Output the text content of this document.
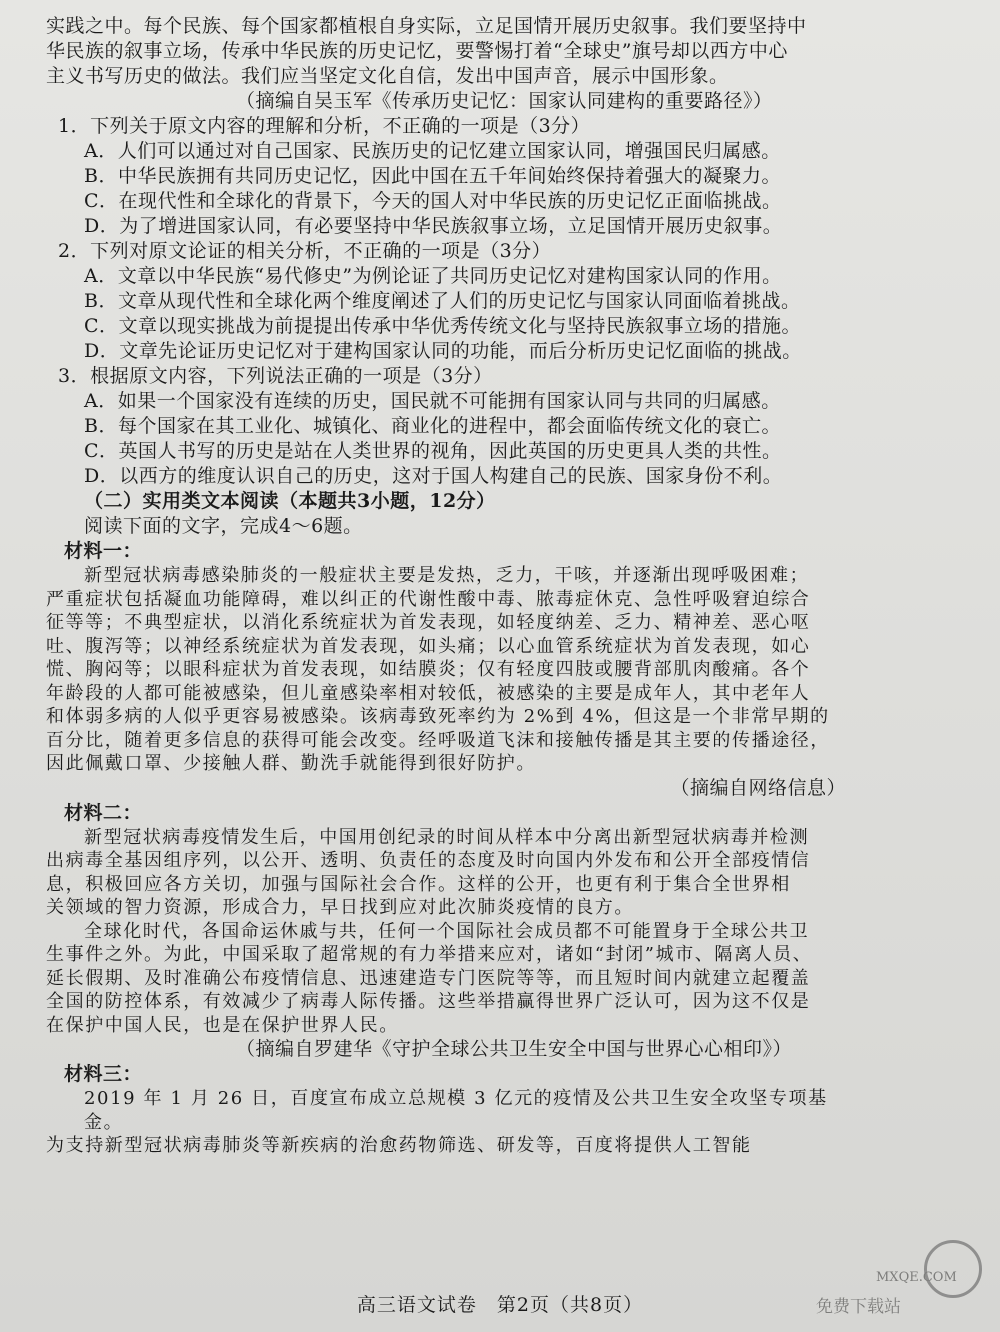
实践之中。每个民族、每个国家都植根自身实际，立足国情开展历史叙事。我们要坚持中

华民族的叙事立场，传承中华民族的历史记忆，要警惕打着“全球史”旗号却以西方中心

主义书写历史的做法。我们应当坚定文化自信，发出中国声音，展示中国形象。

（摘编自吴玉军《传承历史记忆：国家认同建构的重要路径》）

1．下列关于原文内容的理解和分析，不正确的一项是（3分）

A．人们可以通过对自己国家、民族历史的记忆建立国家认同，增强国民归属感。

B．中华民族拥有共同历史记忆，因此中国在五千年间始终保持着强大的凝聚力。

C．在现代性和全球化的背景下，今天的国人对中华民族的历史记忆正面临挑战。

D．为了增进国家认同，有必要坚持中华民族叙事立场，立足国情开展历史叙事。

2．下列对原文论证的相关分析，不正确的一项是（3分）

A．文章以中华民族“易代修史”为例论证了共同历史记忆对建构国家认同的作用。

B．文章从现代性和全球化两个维度阐述了人们的历史记忆与国家认同面临着挑战。

C．文章以现实挑战为前提提出传承中华优秀传统文化与坚持民族叙事立场的措施。

D．文章先论证历史记忆对于建构国家认同的功能，而后分析历史记忆面临的挑战。

3．根据原文内容，下列说法正确的一项是（3分）

A．如果一个国家没有连续的历史，国民就不可能拥有国家认同与共同的归属感。

B．每个国家在其工业化、城镇化、商业化的进程中，都会面临传统文化的衰亡。

C．英国人书写的历史是站在人类世界的视角，因此英国的历史更具人类的共性。

D．以西方的维度认识自己的历史，这对于国人构建自己的民族、国家身份不利。

（二）实用类文本阅读（本题共3小题，12分）

阅读下面的文字，完成4～6题。

材料一：

新型冠状病毒感染肺炎的一般症状主要是发热，乏力，干咳，并逐渐出现呼吸困难；

严重症状包括凝血功能障碍，难以纠正的代谢性酸中毒、脓毒症休克、急性呼吸窘迫综合

征等等；不典型症状，以消化系统症状为首发表现，如轻度纳差、乏力、精神差、恶心呕

吐、腹泻等；以神经系统症状为首发表现，如头痛；以心血管系统症状为首发表现，如心

慌、胸闷等；以眼科症状为首发表现，如结膜炎；仅有轻度四肢或腰背部肌肉酸痛。各个

年龄段的人都可能被感染，但儿童感染率相对较低，被感染的主要是成年人，其中老年人

和体弱多病的人似乎更容易被感染。该病毒致死率约为 2%到 4%，但这是一个非常早期的

百分比，随着更多信息的获得可能会改变。经呼吸道飞沫和接触传播是其主要的传播途径，

因此佩戴口罩、少接触人群、勤洗手就能得到很好防护。

（摘编自网络信息）

材料二：

新型冠状病毒疫情发生后，中国用创纪录的时间从样本中分离出新型冠状病毒并检测

出病毒全基因组序列，以公开、透明、负责任的态度及时向国内外发布和公开全部疫情信

息，积极回应各方关切，加强与国际社会合作。这样的公开，也更有利于集合全世界相

关领域的智力资源，形成合力，早日找到应对此次肺炎疫情的良方。

全球化时代，各国命运休戚与共，任何一个国际社会成员都不可能置身于全球公共卫

生事件之外。为此，中国采取了超常规的有力举措来应对，诸如“封闭”城市、隔离人员、

延长假期、及时准确公布疫情信息、迅速建造专门医院等等，而且短时间内就建立起覆盖

全国的防控体系，有效减少了病毒人际传播。这些举措赢得世界广泛认可，因为这不仅是

在保护中国人民，也是在保护世界人民。

（摘编自罗建华《守护全球公共卫生安全中国与世界心心相印》）

材料三：

2019 年 1 月 26 日，百度宣布成立总规模 3 亿元的疫情及公共卫生安全攻坚专项基金。

为支持新型冠状病毒肺炎等新疾病的治愈药物筛选、研发等，百度将提供人工智能

高三语文试卷　第2页（共8页）
MXQE.COM
免费下载站
